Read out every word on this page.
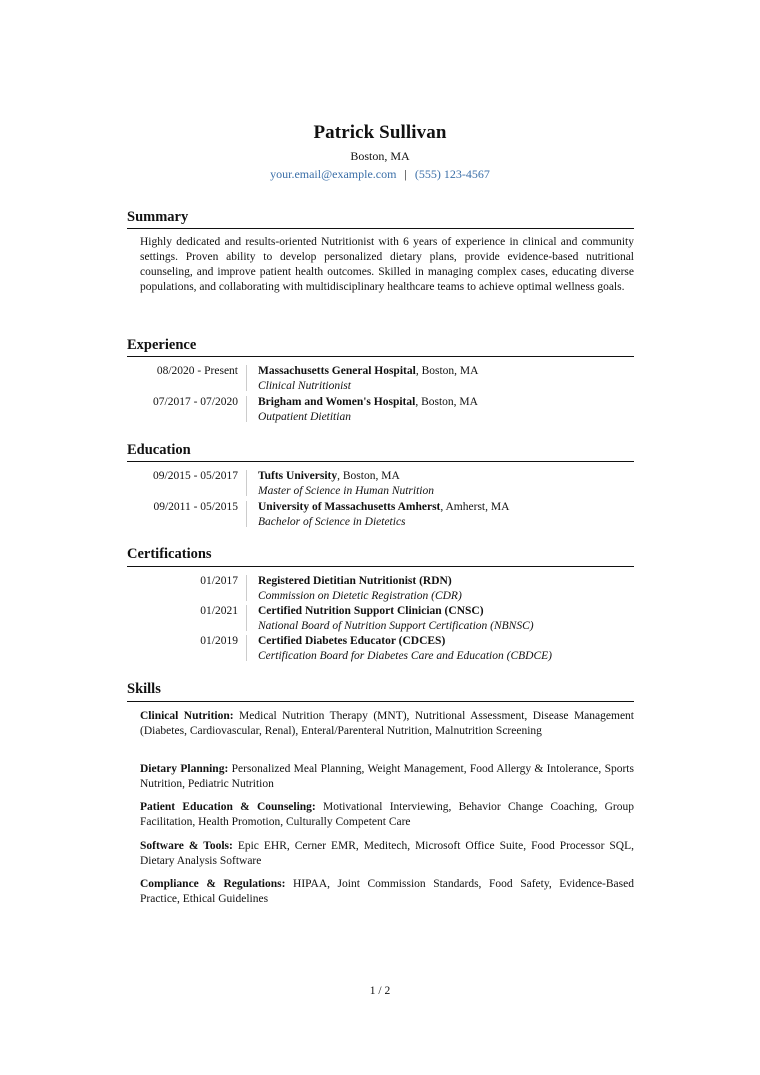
Patrick Sullivan
Boston, MA
your.email@example.com | (555) 123-4567
Summary
Highly dedicated and results-oriented Nutritionist with 6 years of experience in clinical and community settings. Proven ability to develop personalized dietary plans, provide evidence-based nutritional counseling, and improve patient health outcomes. Skilled in managing complex cases, educating diverse populations, and collaborating with multidisciplinary healthcare teams to achieve optimal wellness goals.
Experience
08/2020 - Present Massachusetts General Hospital, Boston, MA
Clinical Nutritionist
07/2017 - 07/2020 Brigham and Women's Hospital, Boston, MA
Outpatient Dietitian
Education
09/2015 - 05/2017 Tufts University, Boston, MA
Master of Science in Human Nutrition
09/2011 - 05/2015 University of Massachusetts Amherst, Amherst, MA
Bachelor of Science in Dietetics
Certifications
01/2017 Registered Dietitian Nutritionist (RDN)
Commission on Dietetic Registration (CDR)
01/2021 Certified Nutrition Support Clinician (CNSC)
National Board of Nutrition Support Certification (NBNSC)
01/2019 Certified Diabetes Educator (CDCES)
Certification Board for Diabetes Care and Education (CBDCE)
Skills
Clinical Nutrition: Medical Nutrition Therapy (MNT), Nutritional Assessment, Disease Management (Diabetes, Cardiovascular, Renal), Enteral/Parenteral Nutrition, Malnutrition Screening
Dietary Planning: Personalized Meal Planning, Weight Management, Food Allergy & Intolerance, Sports Nutrition, Pediatric Nutrition
Patient Education & Counseling: Motivational Interviewing, Behavior Change Coaching, Group Facilitation, Health Promotion, Culturally Competent Care
Software & Tools: Epic EHR, Cerner EMR, Meditech, Microsoft Office Suite, Food Processor SQL, Dietary Analysis Software
Compliance & Regulations: HIPAA, Joint Commission Standards, Food Safety, Evidence-Based Practice, Ethical Guidelines
1 / 2
